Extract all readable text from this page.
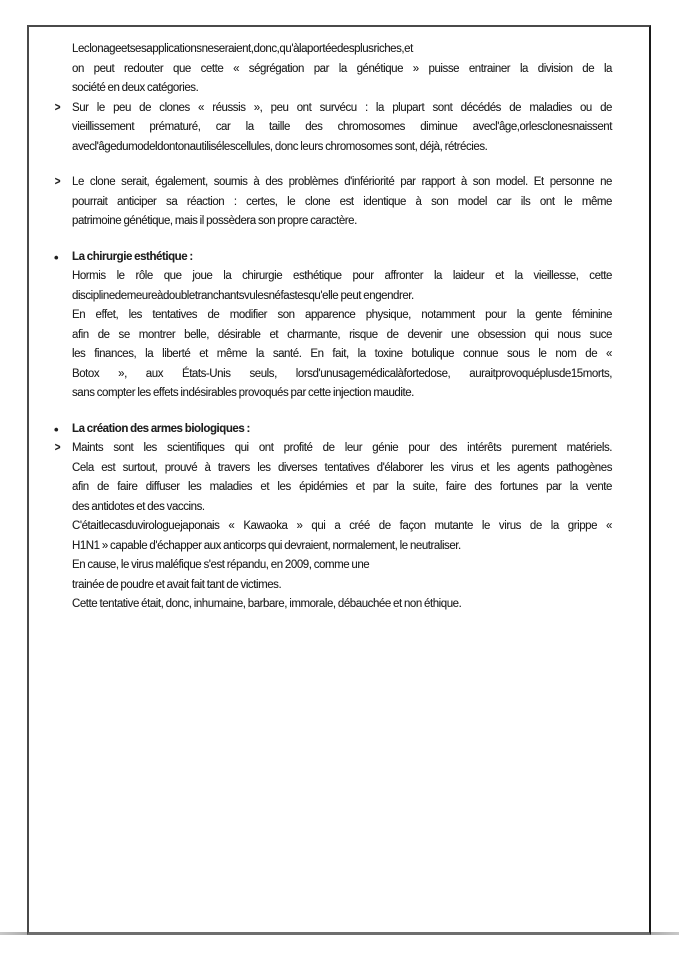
Leclonageetsesapplicationsneseraient,donc,qu'àlaportéedesplusriches,et
on peut redouter que cette « ségrégation par la génétique » puisse entrainer la division de la
société en deux catégories.
>	Sur le peu de clones « réussis », peu ont survécu : la plupart sont décédés de maladies ou de
vieillissement prématuré, car la taille des chromosomes diminue avecl'âge,orlesclonesnaissent
avecl'âgedumodeldontonautilisélescellules, donc leurs chromosomes sont, déjà, rétrécies.
>	Le clone serait, également, soumis à des problèmes d'infériorité par rapport à son model. Et personne ne
pourrait anticiper sa réaction : certes, le clone est identique à son model car ils ont le même
patrimoine génétique, mais il possèdera son propre caractère.
•	La chirurgie esthétique :
Hormis le rôle que joue la chirurgie esthétique pour affronter la laideur et la vieillesse, cette
disciplinedemeureàdoubletranchantsvulesnéfastesqu'elle peut engendrer.
En effet, les tentatives de modifier son apparence physique, notamment pour la gente féminine
afin de se montrer belle, désirable et charmante, risque de devenir une obsession qui nous suce
les finances, la liberté et même la santé. En fait, la toxine botulique connue sous le nom de «
Botox », aux États-Unis seuls, lorsd'unusagemédicalàfortedose, auraitprovoquéplusde15morts,
sans compter les effets indésirables provoqués par cette injection maudite.
•	La création des armes biologiques :
>	Maints sont les scientifiques qui ont profité de leur génie pour des intérêts purement matériels.
Cela est surtout, prouvé à travers les diverses tentatives d'élaborer les virus et les agents pathogènes
afin de faire diffuser les maladies et les épidémies et par la suite, faire des fortunes par la vente
des antidotes et des vaccins.
C'étaitlecasduvirologuejaponais « Kawaoka » qui a créé de façon mutante le virus de la grippe «
H1N1 » capable d'échapper aux anticorps qui devraient, normalement, le neutraliser.
En cause, le virus maléfique s'est répandu, en 2009, comme une
trainée de poudre et avait fait tant de victimes.
Cette tentative était, donc, inhumaine, barbare, immorale, débauchée et non éthique.
